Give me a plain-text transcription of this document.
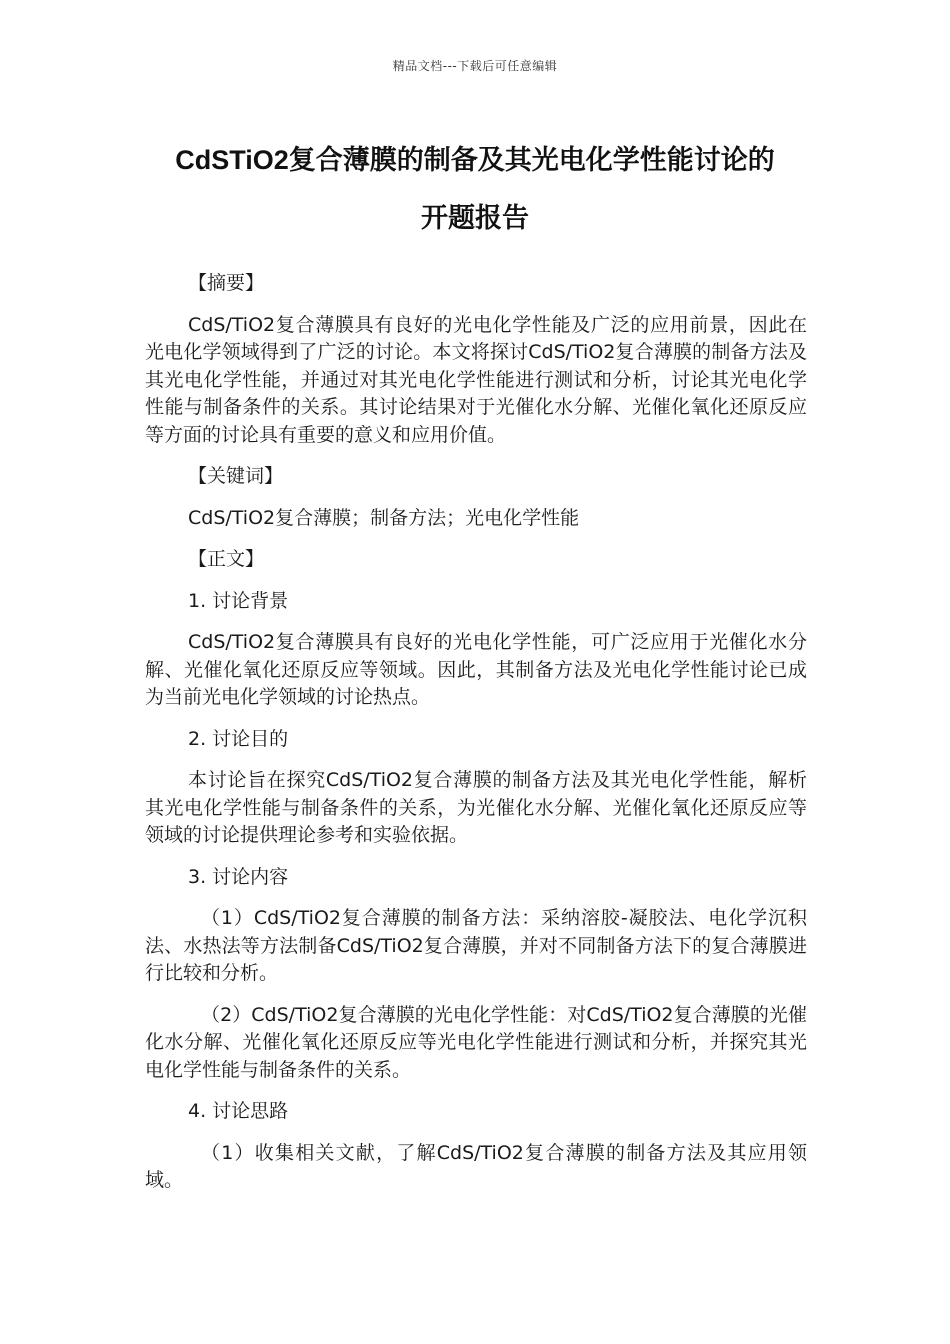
精品文档---下载后可任意编辑
CdSTiO2复合薄膜的制备及其光电化学性能讨论的
开题报告

【摘要】

CdS/TiO2复合薄膜具有良好的光电化学性能及广泛的应用前景，因此在光电化学领域得到了广泛的讨论。本文将探讨CdS/TiO2复合薄膜的制备方法及其光电化学性能，并通过对其光电化学性能进行测试和分析，讨论其光电化学性能与制备条件的关系。其讨论结果对于光催化水分解、光催化氧化还原反应等方面的讨论具有重要的意义和应用价值。

【关键词】

CdS/TiO2复合薄膜；制备方法；光电化学性能

【正文】

1. 讨论背景

CdS/TiO2复合薄膜具有良好的光电化学性能，可广泛应用于光催化水分解、光催化氧化还原反应等领域。因此，其制备方法及光电化学性能讨论已成为当前光电化学领域的讨论热点。

2. 讨论目的

本讨论旨在探究CdS/TiO2复合薄膜的制备方法及其光电化学性能，解析其光电化学性能与制备条件的关系，为光催化水分解、光催化氧化还原反应等领域的讨论提供理论参考和实验依据。

3. 讨论内容

（1）CdS/TiO2复合薄膜的制备方法：采纳溶胶-凝胶法、电化学沉积法、水热法等方法制备CdS/TiO2复合薄膜，并对不同制备方法下的复合薄膜进行比较和分析。

（2）CdS/TiO2复合薄膜的光电化学性能：对CdS/TiO2复合薄膜的光催化水分解、光催化氧化还原反应等光电化学性能进行测试和分析，并探究其光电化学性能与制备条件的关系。

4. 讨论思路

（1）收集相关文献，了解CdS/TiO2复合薄膜的制备方法及其应用领域。
